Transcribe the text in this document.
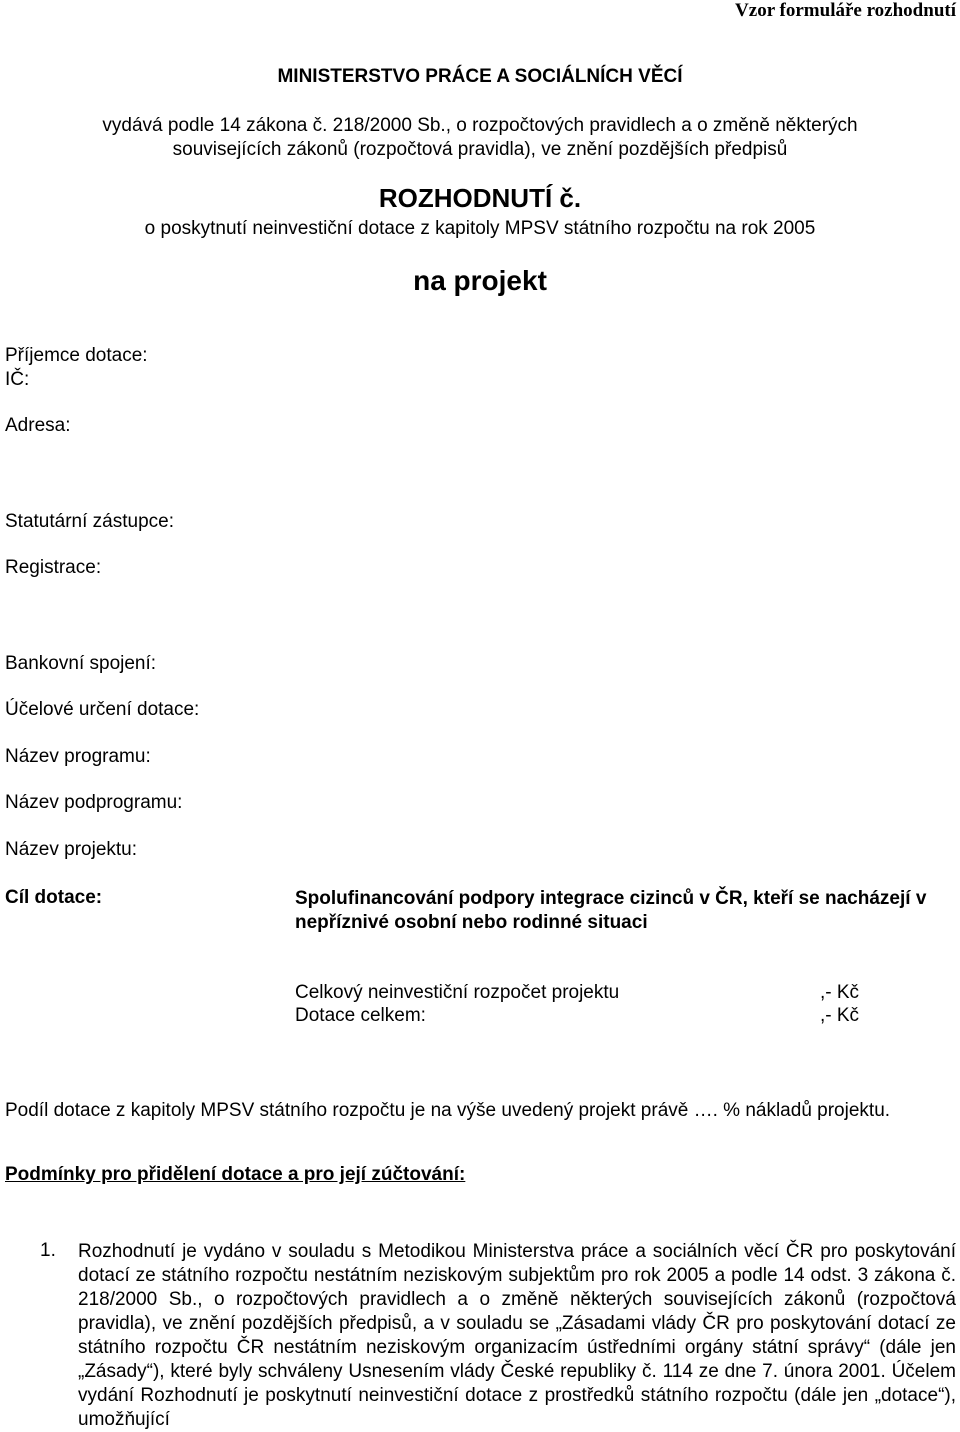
Vzor formuláře rozhodnutí
MINISTERSTVO PRÁCE A SOCIÁLNÍCH VĚCÍ
vydává podle 14 zákona č. 218/2000 Sb., o rozpočtových pravidlech a o změně některých
souvisejících zákonů (rozpočtová pravidla), ve znění pozdějších předpisů
ROZHODNUTÍ č.
o poskytnutí neinvestiční dotace z kapitoly MPSV státního rozpočtu na rok 2005
na projekt
Příjemce dotace:
IČ:
Adresa:
Statutární zástupce:
Registrace:
Bankovní spojení:
Účelové určení dotace:
Název programu:
Název podprogramu:
Název projektu:
Cíl dotace:	Spolufinancování podpory integrace cizinců v ČR, kteří se nacházejí v nepříznivé osobní nebo rodinné situaci
Celkový neinvestiční rozpočet projektu	,- Kč
Dotace celkem:	,- Kč
Podíl dotace z kapitoly MPSV státního rozpočtu je na výše uvedený projekt právě …. % nákladů projektu.
Podmínky pro přidělení dotace a pro její zúčtování:
1. Rozhodnutí je vydáno v souladu s Metodikou Ministerstva práce a sociálních věcí ČR pro poskytování dotací ze státního rozpočtu nestátním neziskovým subjektům pro rok 2005 a podle 14 odst. 3 zákona č. 218/2000 Sb., o rozpočtových pravidlech a o změně některých souvisejících zákonů (rozpočtová pravidla), ve znění pozdějších předpisů, a v souladu se „Zásadami vlády ČR pro poskytování dotací ze státního rozpočtu ČR nestátním neziskovým organizacím ústředními orgány státní správy“ (dále jen „Zásady“), které byly schváleny Usnesením vlády České republiky č. 114 ze dne 7. února 2001. Účelem vydání Rozhodnutí je poskytnutí neinvestiční dotace z prostředků státního rozpočtu (dále jen „dotace“), umožňující
